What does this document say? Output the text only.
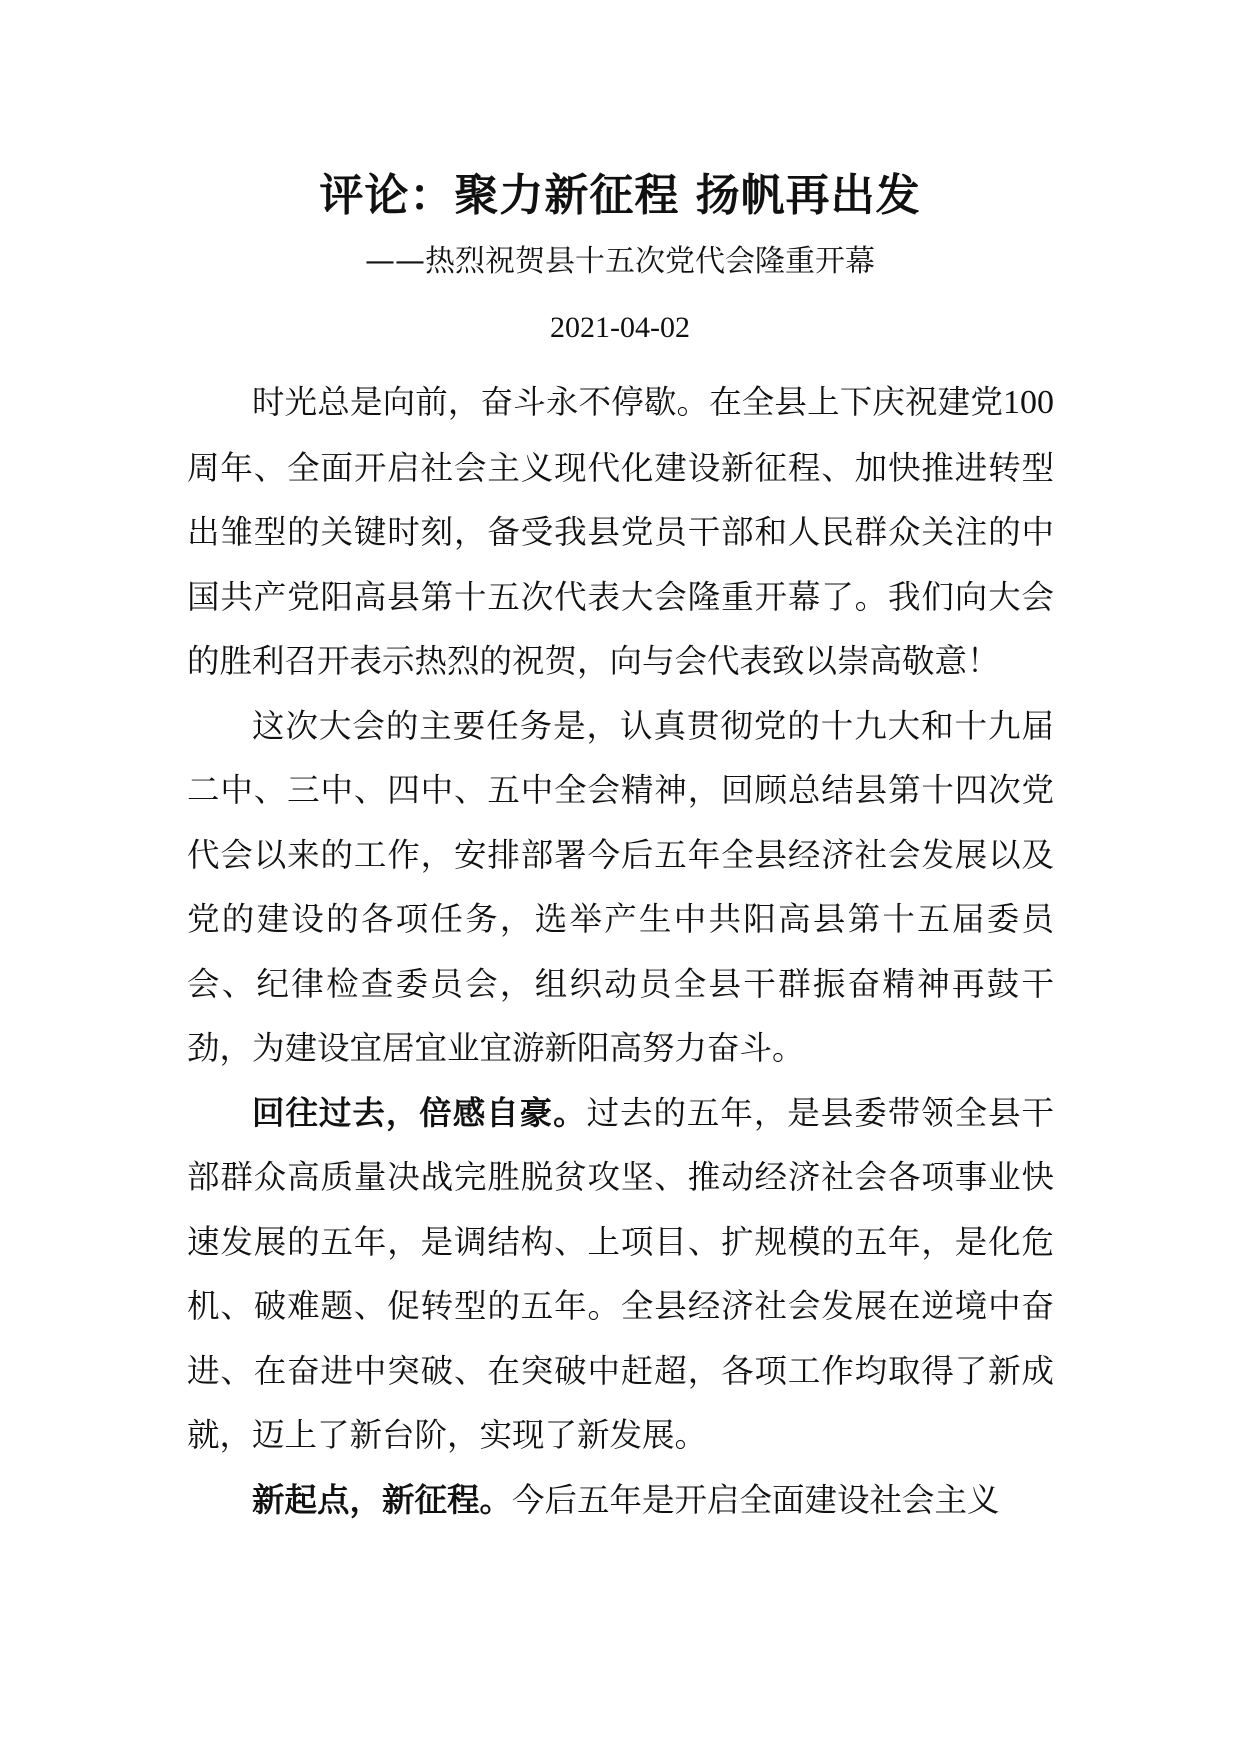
评论：聚力新征程 扬帆再出发
——热烈祝贺县十五次党代会隆重开幕
2021-04-02

时光总是向前，奋斗永不停歇。在全县上下庆祝建党100周年、全面开启社会主义现代化建设新征程、加快推进转型出雏型的关键时刻，备受我县党员干部和人民群众关注的中国共产党阳高县第十五次代表大会隆重开幕了。我们向大会的胜利召开表示热烈的祝贺，向与会代表致以崇高敬意！

这次大会的主要任务是，认真贯彻党的十九大和十九届二中、三中、四中、五中全会精神，回顾总结县第十四次党代会以来的工作，安排部署今后五年全县经济社会发展以及党的建设的各项任务，选举产生中共阳高县第十五届委员会、纪律检查委员会，组织动员全县干群振奋精神再鼓干劲，为建设宜居宜业宜游新阳高努力奋斗。

回往过去，倍感自豪。过去的五年，是县委带领全县干部群众高质量决战完胜脱贫攻坚、推动经济社会各项事业快速发展的五年，是调结构、上项目、扩规模的五年，是化危机、破难题、促转型的五年。全县经济社会发展在逆境中奋进、在奋进中突破、在突破中赶超，各项工作均取得了新成就，迈上了新台阶，实现了新发展。

新起点，新征程。今后五年是开启全面建设社会主义
